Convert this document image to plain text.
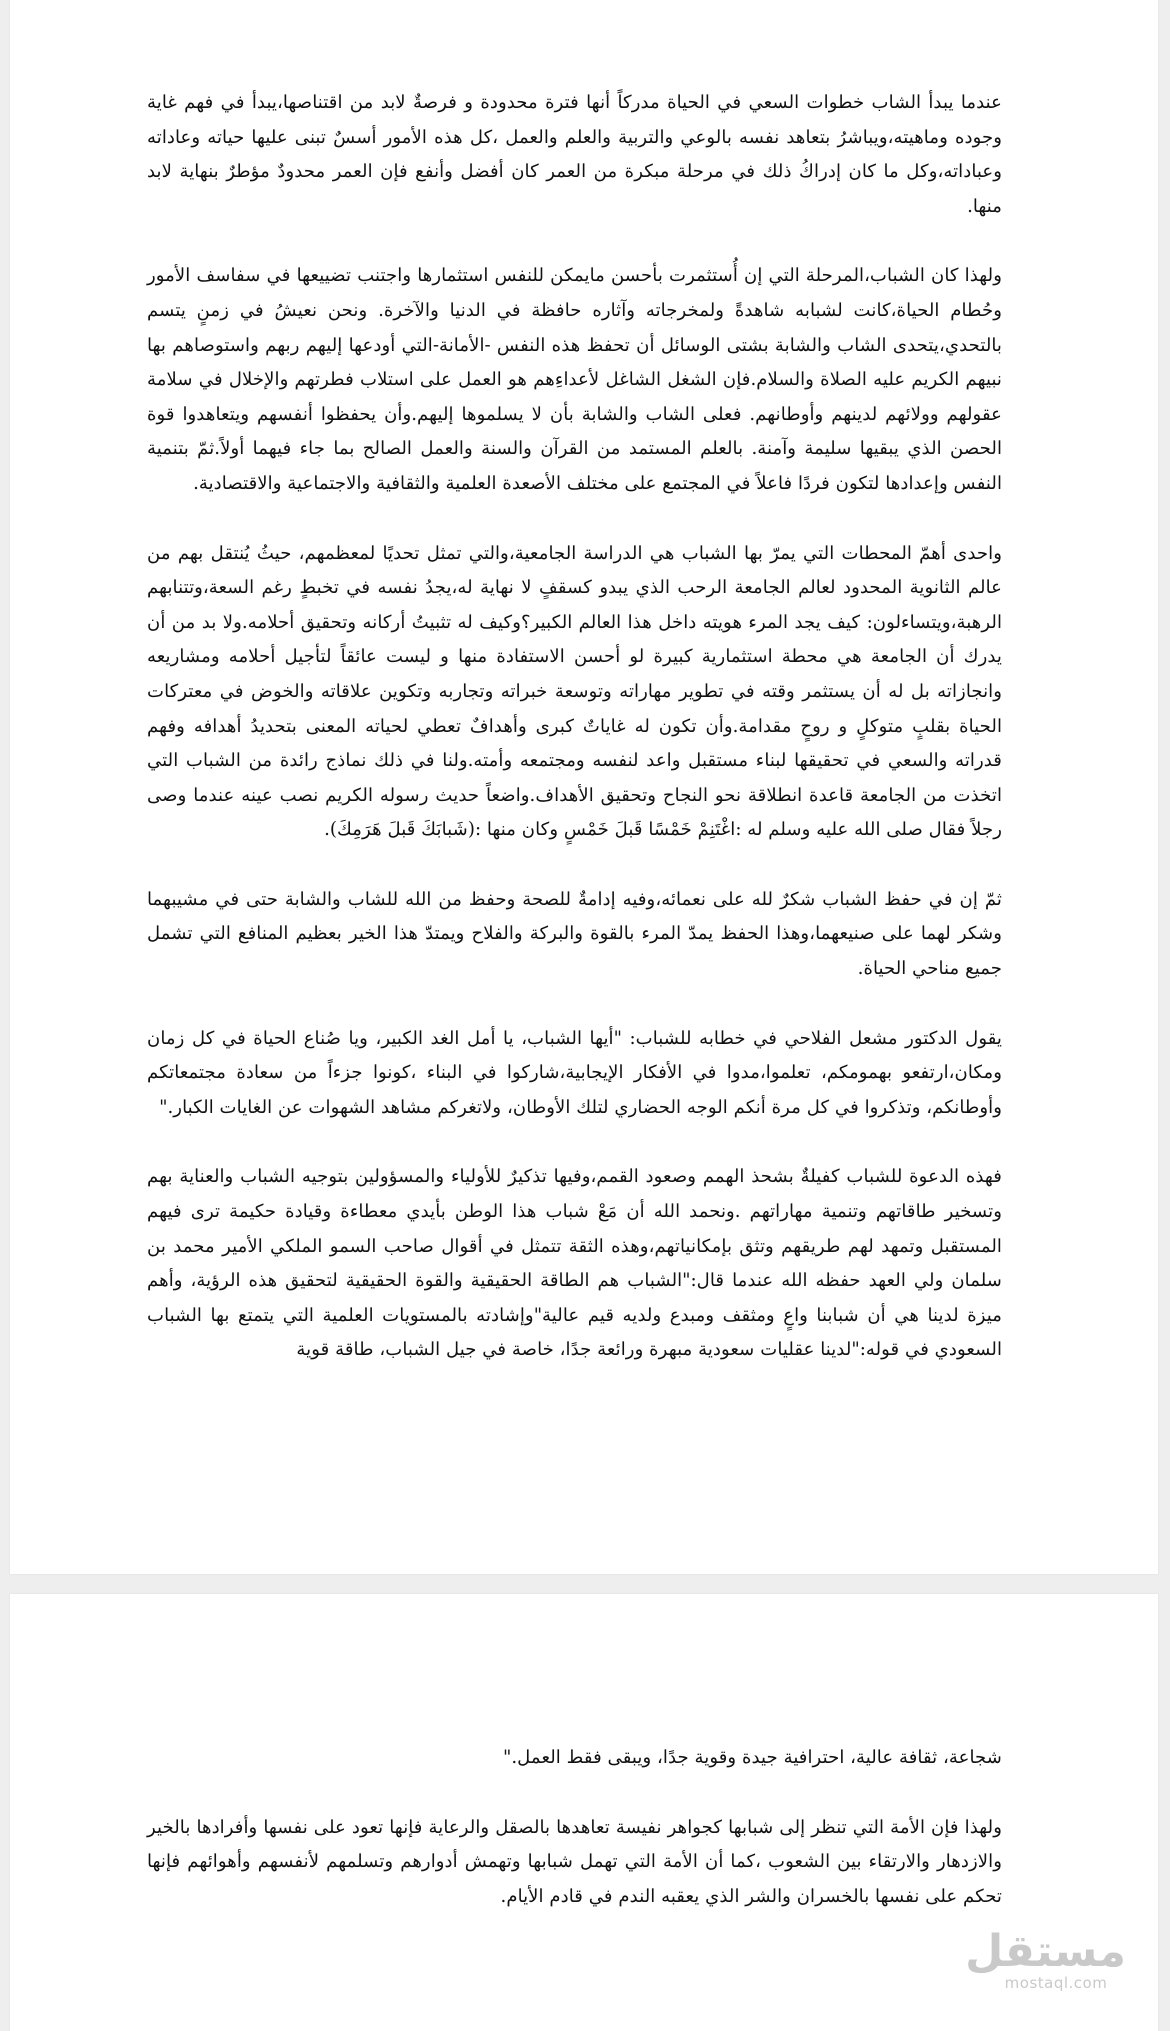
عندما يبدأ الشاب خطوات السعي في الحياة مدركاً أنها فترة محدودة و فرصةٌ لابد من اقتناصها،يبدأ في فهم غاية وجوده وماهيته،ويباشرُ بتعاهد نفسه بالوعي والتربية والعلم والعمل ،كل هذه الأمور أسسٌ تبنى عليها حياته وعاداته وعباداته،وكل ما كان إدراكُ ذلك في مرحلة مبكرة من العمر كان أفضل وأنفع فإن العمر محدودٌ مؤطرٌ بنهاية لابد منها.

ولهذا كان الشباب،المرحلة التي إن أُستثمرت بأحسن مايمكن للنفس استثمارها واجتنب تضييعها في سفاسف الأمور وحُطام الحياة،كانت لشبابه شاهدةً ولمخرجاته وآثاره حافظة في الدنيا والآخرة. ونحن نعيشُ في زمنٍ يتسم بالتحدي،يتحدى الشاب والشابة بشتى الوسائل أن تحفظ هذه النفس -الأمانة-التي أودعها إليهم ربهم واستوصاهم بها نبيهم الكريم عليه الصلاة والسلام.فإن الشغل الشاغل لأعداءِهم هو العمل على استلاب فطرتهم والإخلال في سلامة عقولهم وولائهم لدينهم وأوطانهم. فعلى الشاب والشابة بأن لا يسلموها إليهم.وأن يحفظوا أنفسهم ويتعاهدوا قوة الحصن الذي يبقيها سليمة وآمنة. بالعلم المستمد من القرآن والسنة والعمل الصالح بما جاء فيهما أولاً.ثمّ بتنمية النفس وإعدادها لتكون فردًا فاعلاً في المجتمع على مختلف الأصعدة العلمية والثقافية والاجتماعية والاقتصادية.

واحدى أهمّ المحطات التي يمرّ بها الشباب هي الدراسة الجامعية،والتي تمثل تحديًا لمعظمهم، حيثُ يُنتقل بهم من عالم الثانوية المحدود لعالم الجامعة الرحب الذي يبدو كسقفٍ لا نهاية له،يجدُ نفسه في تخبطٍ رغم السعة،وتتنابهم الرهبة،ويتساءلون: كيف يجد المرء هويته داخل هذا العالم الكبير؟وكيف له تثبيتُ أركانه وتحقيق أحلامه.ولا بد من أن يدرك أن الجامعة هي محطة استثمارية كبيرة لو أحسن الاستفادة منها و ليست عائقاً لتأجيل أحلامه ومشاريعه وانجازاته بل له أن يستثمر وقته في تطوير مهاراته وتوسعة خبراته وتجاربه وتكوين علاقاته والخوض في معتركات الحياة بقلبٍ متوكلٍ و روحٍ مقدامة.وأن تكون له غاياتٌ كبرى وأهدافٌ تعطي لحياته المعنى بتحديدُ أهدافه وفهم قدراته والسعي في تحقيقها لبناء مستقبل واعد لنفسه ومجتمعه وأمته.ولنا في ذلك نماذج رائدة من الشباب التي اتخذت من الجامعة قاعدة انطلاقة نحو النجاح وتحقيق الأهداف.واضعاً حديث رسوله الكريم نصب عينه عندما وصى رجلاً فقال صلى الله عليه وسلم له :اغْتَنِمْ خَمْسًا قَبلَ خَمْسٍ وكان منها :(شَبابَكَ قَبلَ هَرَمِكَ).

ثمّ إن في حفظ الشباب شكرٌ لله على نعمائه،وفيه إدامةٌ للصحة وحفظ من الله للشاب والشابة حتى في مشيبهما وشكر لهما على صنيعهما،وهذا الحفظ يمدّ المرء بالقوة والبركة والفلاح ويمتدّ هذا الخير بعظيم المنافع التي تشمل جميع مناحي الحياة.

يقول الدكتور مشعل الفلاحي في خطابه للشباب: "أيها الشباب، يا أمل الغد الكبير، ويا صُناع الحياة في كل زمان ومكان،ارتفعو بهمومكم، تعلموا،مدوا في الأفكار الإيجابية،شاركوا في البناء ،كونوا جزءاً من سعادة مجتمعاتكم وأوطانكم، وتذكروا في كل مرة أنكم الوجه الحضاري لتلك الأوطان، ولاتغركم مشاهد الشهوات عن الغايات الكبار."

فهذه الدعوة للشباب كفيلةٌ بشحذ الهمم وصعود القمم،وفيها تذكيرٌ للأولياء والمسؤولين بتوجيه الشباب والعناية بهم وتسخير طاقاتهم وتنمية مهاراتهم .ونحمد الله أن مَعْ شباب هذا الوطن بأيدي معطاءة وقيادة حكيمة ترى فيهم المستقبل وتمهد لهم طريقهم وتثق بإمكانياتهم،وهذه الثقة تتمثل في أقوال صاحب السمو الملكي الأمير محمد بن سلمان ولي العهد حفظه الله عندما قال:"الشباب هم الطاقة الحقيقية والقوة الحقيقية لتحقيق هذه الرؤية، وأهم ميزة لدينا هي أن شبابنا واعٍ ومثقف ومبدع ولديه قيم عالية"وإشادته بالمستويات العلمية التي يتمتع بها الشباب السعودي في قوله:"لدينا عقليات سعودية مبهرة ورائعة جدًا، خاصة في جيل الشباب، طاقة قوية

شجاعة، ثقافة عالية، احترافية جيدة وقوية جدًا، ويبقى فقط العمل."

ولهذا فإن الأمة التي تنظر إلى شبابها كجواهر نفيسة تعاهدها بالصقل والرعاية فإنها تعود على نفسها وأفرادها بالخير والازدهار والارتقاء بين الشعوب ،كما أن الأمة التي تهمل شبابها وتهمش أدوارهم وتسلمهم لأنفسهم وأهوائهم فإنها تحكم على نفسها بالخسران والشر الذي يعقبه الندم في قادم الأيام.

مستقل
mostaql.com
